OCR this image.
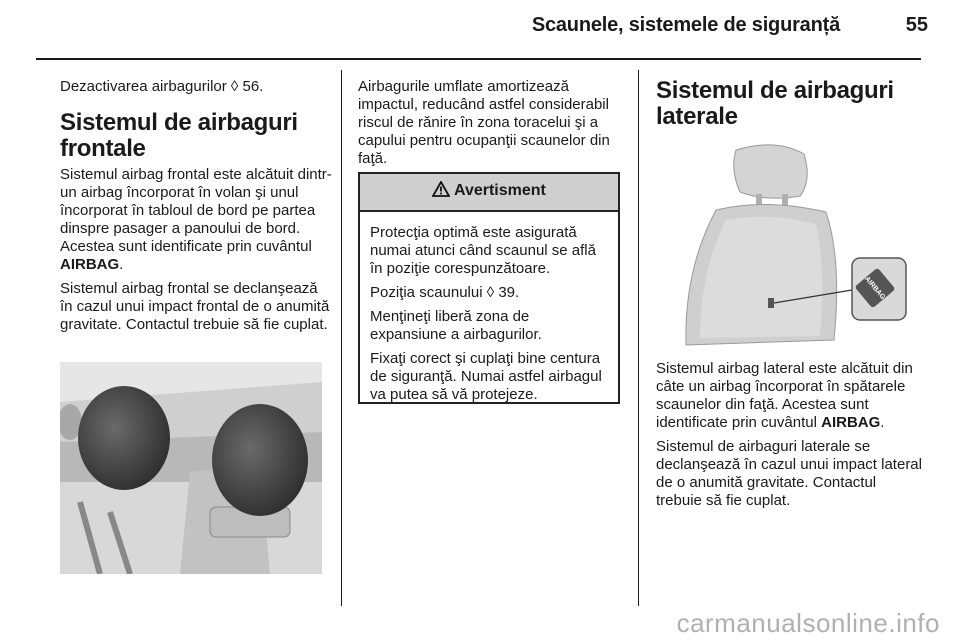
Scaunele, sistemele de siguranță	55

Dezactivarea airbagurilor ◊ 56.

Sistemul de airbaguri frontale

Sistemul airbag frontal este alcătuit dintr-un airbag încorporat în volan şi unul încorporat în tabloul de bord pe partea dinspre pasager a panoului de bord. Acestea sunt identificate prin cuvântul AIRBAG.

Sistemul airbag frontal se declanşează în cazul unui impact frontal de o anumită gravitate. Contactul trebuie să fie cuplat.

Airbagurile umflate amortizează impactul, reducând astfel considerabil riscul de rănire în zona toracelui şi a capului pentru ocupanţii scaunelor din faţă.

Avertisment

Protecţia optimă este asigurată numai atunci când scaunul se află în poziţie corespunzătoare.

Poziţia scaunului ◊ 39.

Menţineţi liberă zona de expansiune a airbagurilor.

Fixaţi corect şi cuplaţi bine centura de siguranţă. Numai astfel airbagul va putea să vă protejeze.

Sistemul de airbaguri laterale
AIRBAG

Sistemul airbag lateral este alcătuit din câte un airbag încorporat în spătarele scaunelor din faţă. Acestea sunt identificate prin cuvântul AIRBAG.

Sistemul de airbaguri laterale se declanşează în cazul unui impact lateral de o anumită gravitate. Contactul trebuie să fie cuplat.

carmanualsonline.info
